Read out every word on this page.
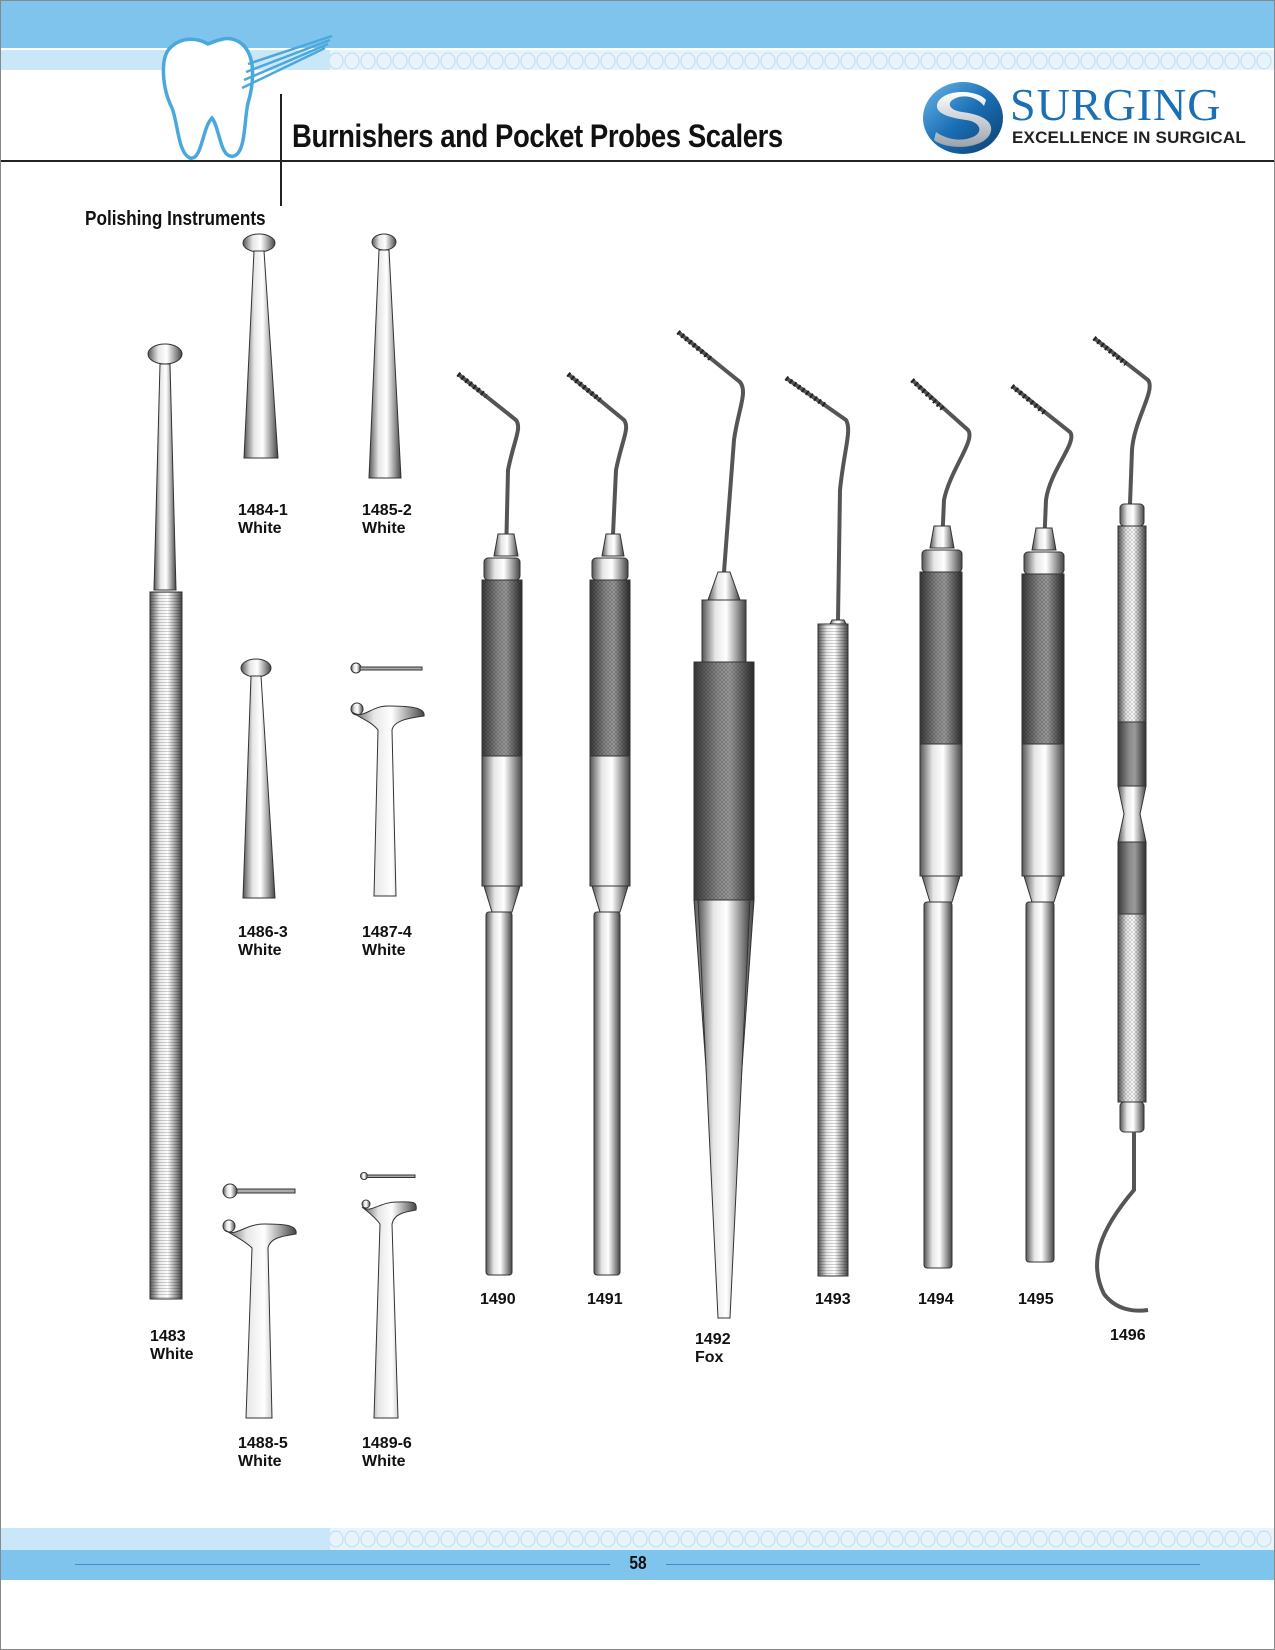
Burnishers and Pocket Probes Scalers
SURGING
EXCELLENCE IN SURGICAL
Polishing Instruments
1483
White
1484-1
White
1485-2
White
1486-3
White
1487-4
White
1488-5
White
1489-6
White
1490	1491
1492
Fox
1493	1494	1495
1496
58
